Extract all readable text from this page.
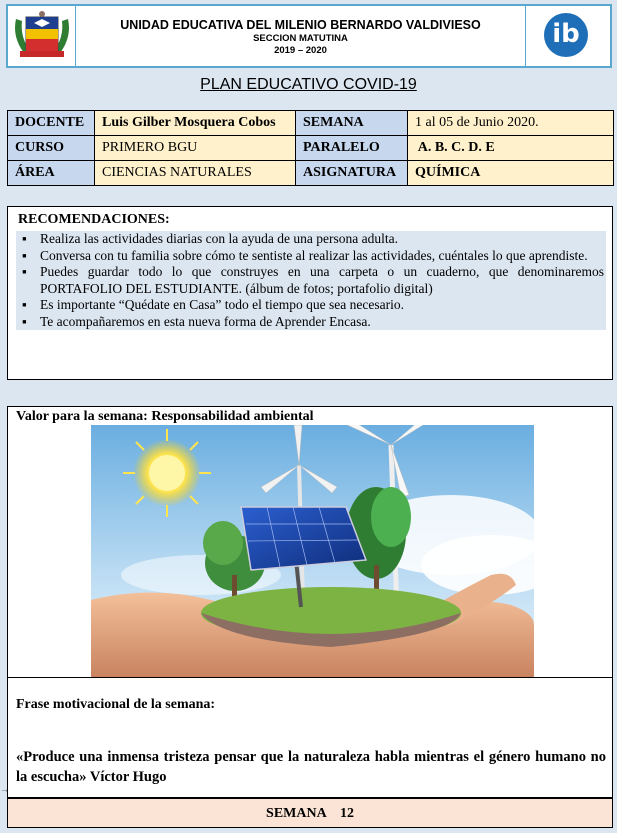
UNIDAD EDUCATIVA DEL MILENIO BERNARDO VALDIVIESO
SECCION MATUTINA
2019 – 2020
ib
PLAN EDUCATIVO COVID-19
DOCENTE	Luis Gilber Mosquera Cobos	SEMANA	1 al 05 de Junio 2020.
CURSO	PRIMERO BGU	PARALELO	A. B. C. D. E
ÁREA	CIENCIAS NATURALES	ASIGNATURA	QUÍMICA
RECOMENDACIONES:
▪ Realiza las actividades diarias con la ayuda de una persona adulta.
▪ Conversa con tu familia sobre cómo te sentiste al realizar las actividades, cuéntales lo que aprendiste.
▪ Puedes guardar todo lo que construyes en una carpeta o un cuaderno, que denominaremos PORTAFOLIO DEL ESTUDIANTE. (álbum de fotos; portafolio digital)
▪ Es importante “Quédate en Casa” todo el tiempo que sea necesario.
▪ Te acompañaremos en esta nueva forma de Aprender Encasa.
Valor para la semana: Responsabilidad ambiental
Frase motivacional de la semana:
«Produce una inmensa tristeza pensar que la naturaleza habla mientras el género humano no la escucha» Víctor Hugo
→
SEMANA    12
